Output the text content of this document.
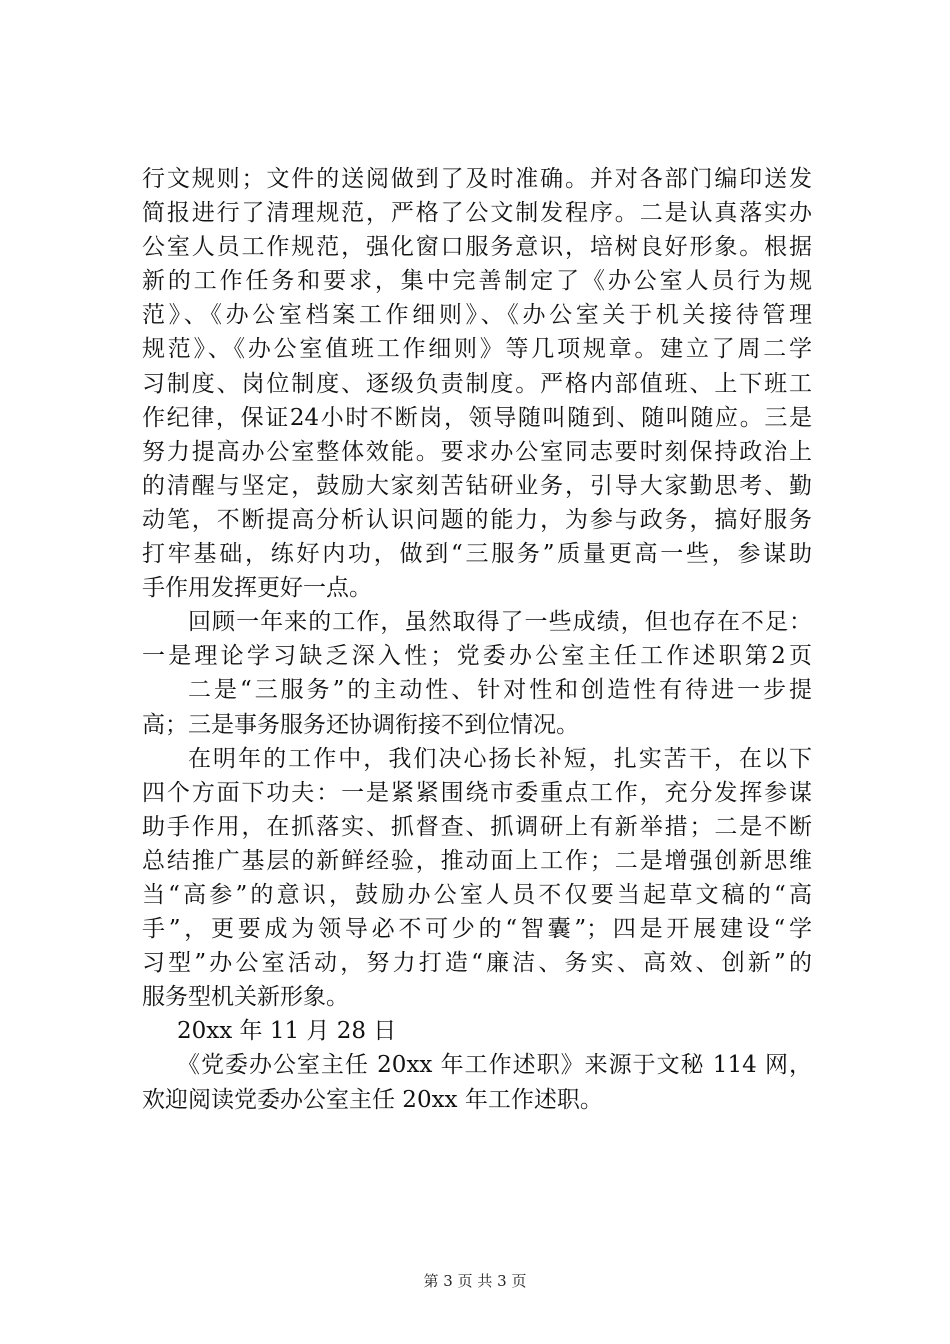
行文规则；文件的送阅做到了及时准确。并对各部门编印送发
简报进行了清理规范，严格了公文制发程序。二是认真落实办
公室人员工作规范，强化窗口服务意识，培树良好形象。根据
新的工作任务和要求，集中完善制定了《办公室人员行为规
范》、《办公室档案工作细则》、《办公室关于机关接待管理
规范》、《办公室值班工作细则》等几项规章。建立了周二学
习制度、岗位制度、逐级负责制度。严格内部值班、上下班工
作纪律，保证24小时不断岗，领导随叫随到、随叫随应。三是
努力提高办公室整体效能。要求办公室同志要时刻保持政治上
的清醒与坚定，鼓励大家刻苦钻研业务，引导大家勤思考、勤
动笔，不断提高分析认识问题的能力，为参与政务，搞好服务
打牢基础，练好内功，做到“三服务”质量更高一些，参谋助
手作用发挥更好一点。
回顾一年来的工作，虽然取得了一些成绩，但也存在不足：
一是理论学习缺乏深入性；党委办公室主任工作述职第2页
二是“三服务”的主动性、针对性和创造性有待进一步提
高；三是事务服务还协调衔接不到位情况。
在明年的工作中，我们决心扬长补短，扎实苦干，在以下
四个方面下功夫：一是紧紧围绕市委重点工作，充分发挥参谋
助手作用，在抓落实、抓督查、抓调研上有新举措；二是不断
总结推广基层的新鲜经验，推动面上工作；二是增强创新思维
当“高参”的意识，鼓励办公室人员不仅要当起草文稿的“高
手”，更要成为领导必不可少的“智囊”；四是开展建设“学
习型”办公室活动，努力打造“廉洁、务实、高效、创新”的
服务型机关新形象。
20xx 年 11 月 28 日
《党委办公室主任 20xx 年工作述职》来源于文秘 114 网，
欢迎阅读党委办公室主任 20xx 年工作述职。
第 3 页 共 3 页
